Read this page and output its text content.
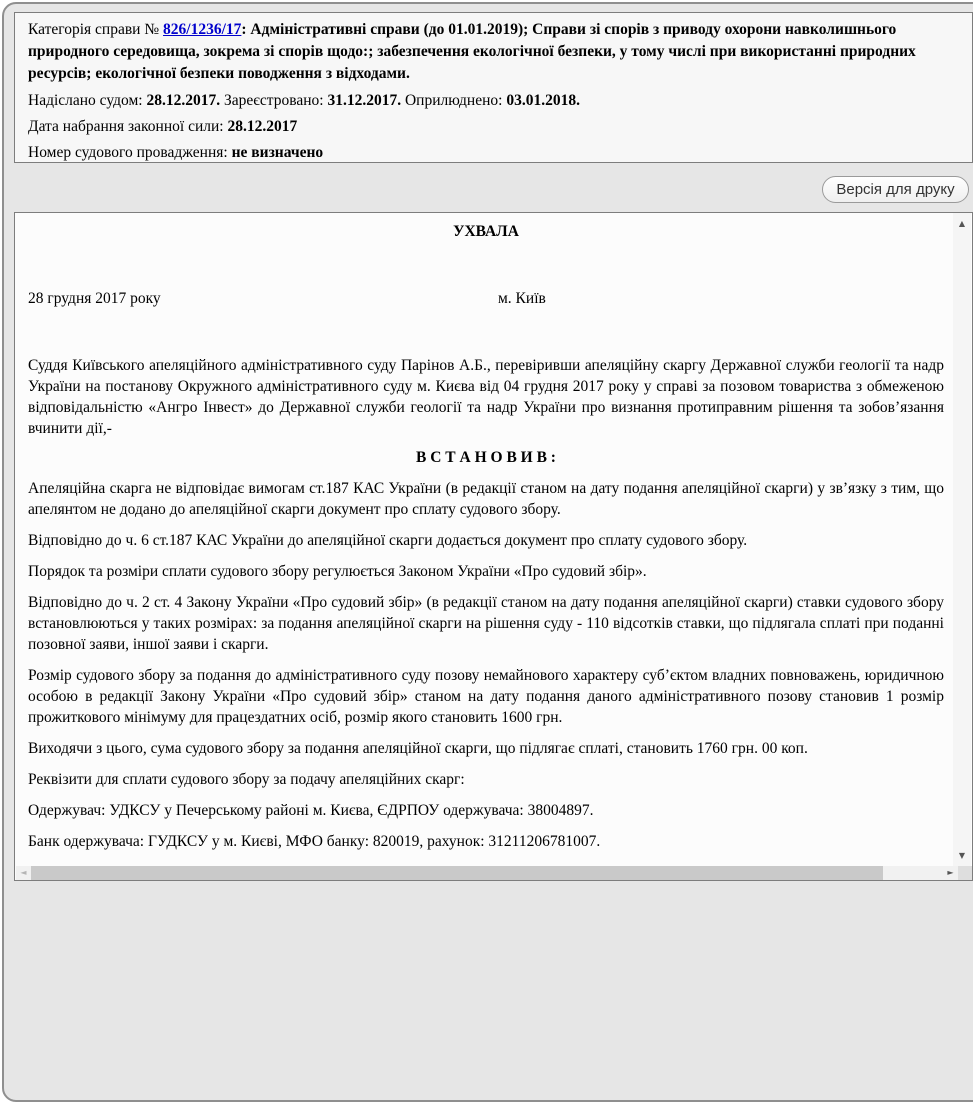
Категорія справи № 826/1236/17: Адміністративні справи (до 01.01.2019); Справи зі спорів з приводу охорони навколишнього природного середовища, зокрема зі спорів щодо:; забезпечення екологічної безпеки, у тому числі при використанні природних ресурсів; екологічної безпеки поводження з відходами.

Надіслано судом: 28.12.2017. Зареєстровано: 31.12.2017. Оприлюднено: 03.01.2018.

Дата набрання законної сили: 28.12.2017

Номер судового провадження: не визначено

Версія для друку

УХВАЛА

28 грудня 2017 року	м. Київ

Суддя Київського апеляційного адміністративного суду Парінов А.Б., перевіривши апеляційну скаргу Державної служби геології та надр України на постанову Окружного адміністративного суду м. Києва від 04 грудня 2017 року у справі за позовом товариства з обмеженою відповідальністю «Ангро Інвест» до Державної служби геології та надр України про визнання протиправним рішення та зобов’язання вчинити дії,-

В С Т А Н О В И В :

Апеляційна скарга не відповідає вимогам ст.187 КАС України (в редакції станом на дату подання апеляційної скарги) у зв’язку з тим, що апелянтом не додано до апеляційної скарги документ про сплату судового збору.

Відповідно до ч. 6 ст.187 КАС України до апеляційної скарги додається документ про сплату судового збору.

Порядок та розміри сплати судового збору регулюється Законом України «Про судовий збір».

Відповідно до ч. 2 ст. 4 Закону України «Про судовий збір» (в редакції станом на дату подання апеляційної скарги) ставки судового збору встановлюються у таких розмірах: за подання апеляційної скарги на рішення суду - 110 відсотків ставки, що підлягала сплаті при поданні позовної заяви, іншої заяви і скарги.

Розмір судового збору за подання до адміністративного суду позову немайнового характеру суб’єктом владних повноважень, юридичною особою в редакції Закону України «Про судовий збір» станом на дату подання даного адміністративного позову становив 1 розмір прожиткового мінімуму для працездатних осіб, розмір якого становить 1600 грн.

Виходячи з цього, сума судового збору за подання апеляційної скарги, що підлягає сплаті, становить 1760 грн. 00 коп.

Реквізити для сплати судового збору за подачу апеляційних скарг:

Одержувач: УДКСУ у Печерському районі м. Києва, ЄДРПОУ одержувача: 38004897.

Банк одержувача: ГУДКСУ у м. Києві, МФО банку: 820019, рахунок: 31211206781007.

▲
▼
◄	►
